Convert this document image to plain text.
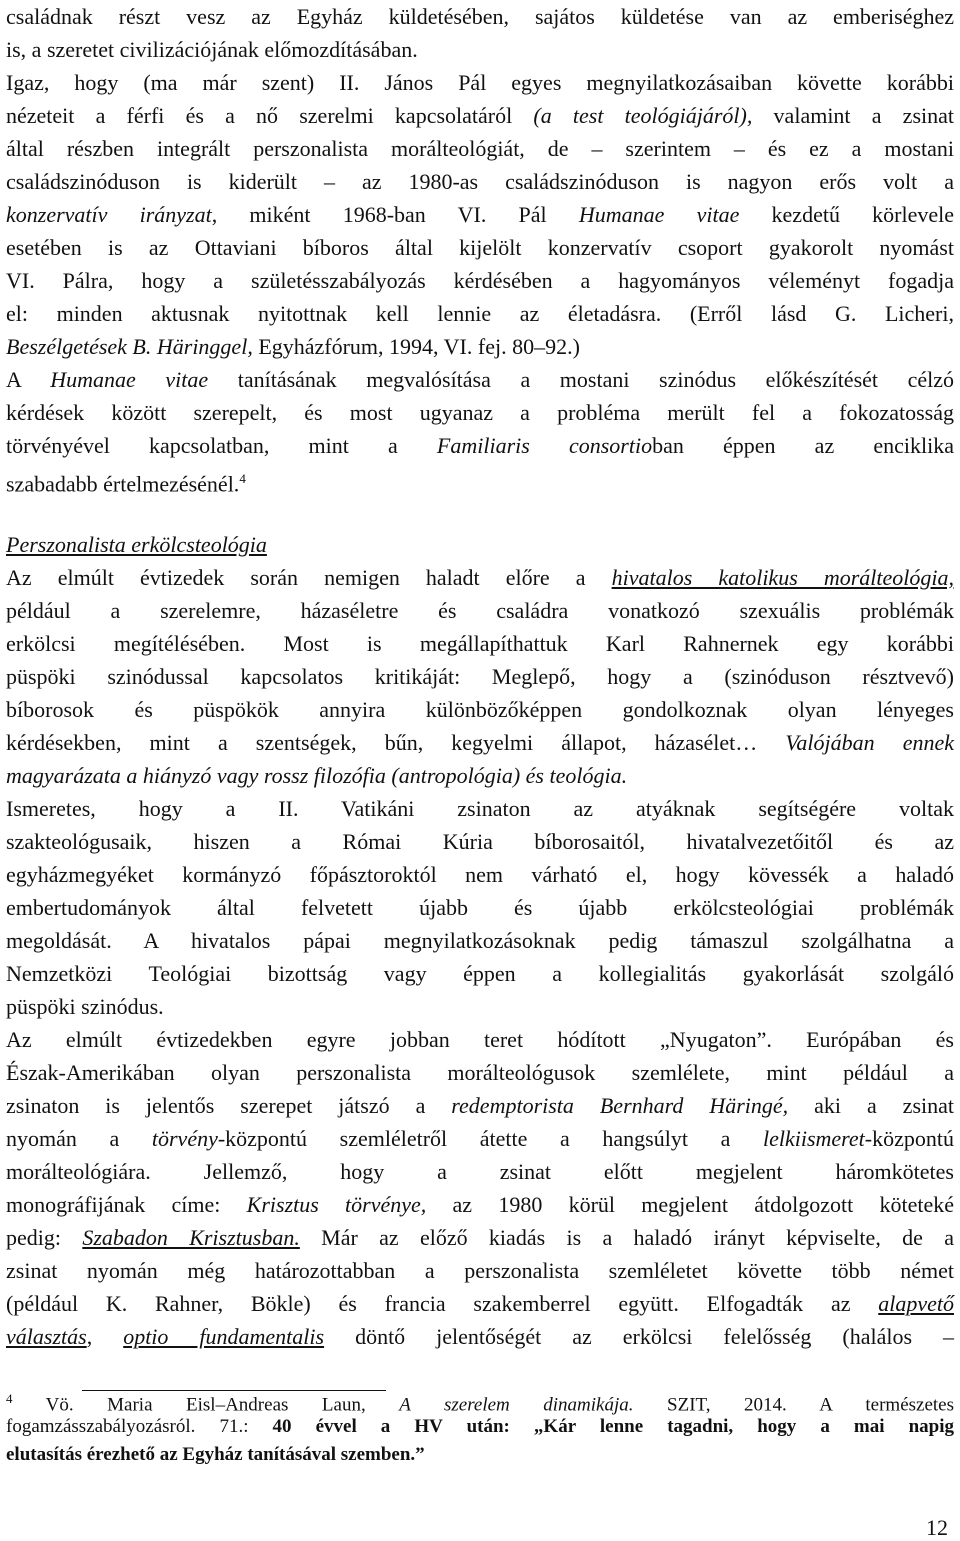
családnak részt vesz az Egyház küldetésében, sajátos küldetése van az emberiséghez
is, a szeretet civilizációjának előmozdításában.
Igaz, hogy (ma már szent) II. János Pál egyes megnyilatkozásaiban követte korábbi
nézeteit a férfi és a nő szerelmi kapcsolatáról (a test teológiájáról), valamint a zsinat
által részben integrált perszonalista morálteológiát, de – szerintem – és ez a mostani
családszinóduson is kiderült – az 1980-as családszinóduson is nagyon erős volt a
konzervatív irányzat, miként 1968-ban VI. Pál Humanae vitae kezdetű körlevele
esetében is az Ottaviani bíboros által kijelölt konzervatív csoport gyakorolt nyomást
VI. Pálra, hogy a születésszabályozás kérdésében a hagyományos véleményt fogadja
el: minden aktusnak nyitottnak kell lennie az életadásra. (Erről lásd G. Licheri,
Beszélgetések B. Häringgel, Egyházfórum, 1994, VI. fej. 80–92.)
A Humanae vitae tanításának megvalósítása a mostani szinódus előkészítését célzó
kérdések között szerepelt, és most ugyanaz a probléma merült fel a fokozatosság
törvényével kapcsolatban, mint a Familiaris consortioban éppen az enciklika
szabadabb értelmezésénél.$^4$
Perszonalista erkölcsteológia
Az elmúlt évtizedek során nemigen haladt előre a hivatalos katolikus morálteológia,
például a szerelemre, házaséletre és családra vonatkozó szexuális problémák
erkölcsi megítélésében. Most is megállapíthattuk Karl Rahnernek egy korábbi
püspöki szinódussal kapcsolatos kritikáját: Meglepő, hogy a (szinóduson résztvevő)
bíborosok és püspökök annyira különbözőképpen gondolkoznak olyan lényeges
kérdésekben, mint a szentségek, bűn, kegyelmi állapot, házasélet… Valójában ennek
magyarázata a hiányzó vagy rossz filozófia (antropológia) és teológia.
Ismeretes, hogy a II. Vatikáni zsinaton az atyáknak segítségére voltak
szakteológusaik, hiszen a Római Kúria bíborosaitól, hivatalvezetőitől és az
egyházmegyéket kormányzó főpásztoroktól nem várható el, hogy kövessék a haladó
embertudományok által felvetett újabb és újabb erkölcsteológiai problémák
megoldását. A hivatalos pápai megnyilatkozásoknak pedig támaszul szolgálhatna a
Nemzetközi Teológiai bizottság vagy éppen a kollegialitás gyakorlását szolgáló
püspöki szinódus.
Az elmúlt évtizedekben egyre jobban teret hódított „Nyugaton”. Európában és
Észak-Amerikában olyan perszonalista morálteológusok szemlélete, mint például a
zsinaton is jelentős szerepet játszó a redemptorista Bernhard Häringé, aki a zsinat
nyomán a törvény-központú szemléletről átette a hangsúlyt a lelkiismeret-központú
morálteológiára. Jellemző, hogy a zsinat előtt megjelent háromkötetes
monográfijának címe: Krisztus törvénye, az 1980 körül megjelent átdolgozott köteteké
pedig: Szabadon Krisztusban. Már az előző kiadás is a haladó irányt képviselte, de a
zsinat nyomán még határozottabban a perszonalista szemléletet követte több német
(például K. Rahner, Bökle) és francia szakemberrel együtt. Elfogadták az alapvető
választás, optio fundamentalis döntő jelentőségét az erkölcsi felelősség (halálos –
$^4$ Vö. Maria Eisl–Andreas Laun, A szerelem dinamikája. SZIT, 2014. A természetes
fogamzásszabályozásról. 71.: 40 évvel a HV után: „Kár lenne tagadni, hogy a mai napig
elutasítás érezhető az Egyház tanításával szemben.”
12
